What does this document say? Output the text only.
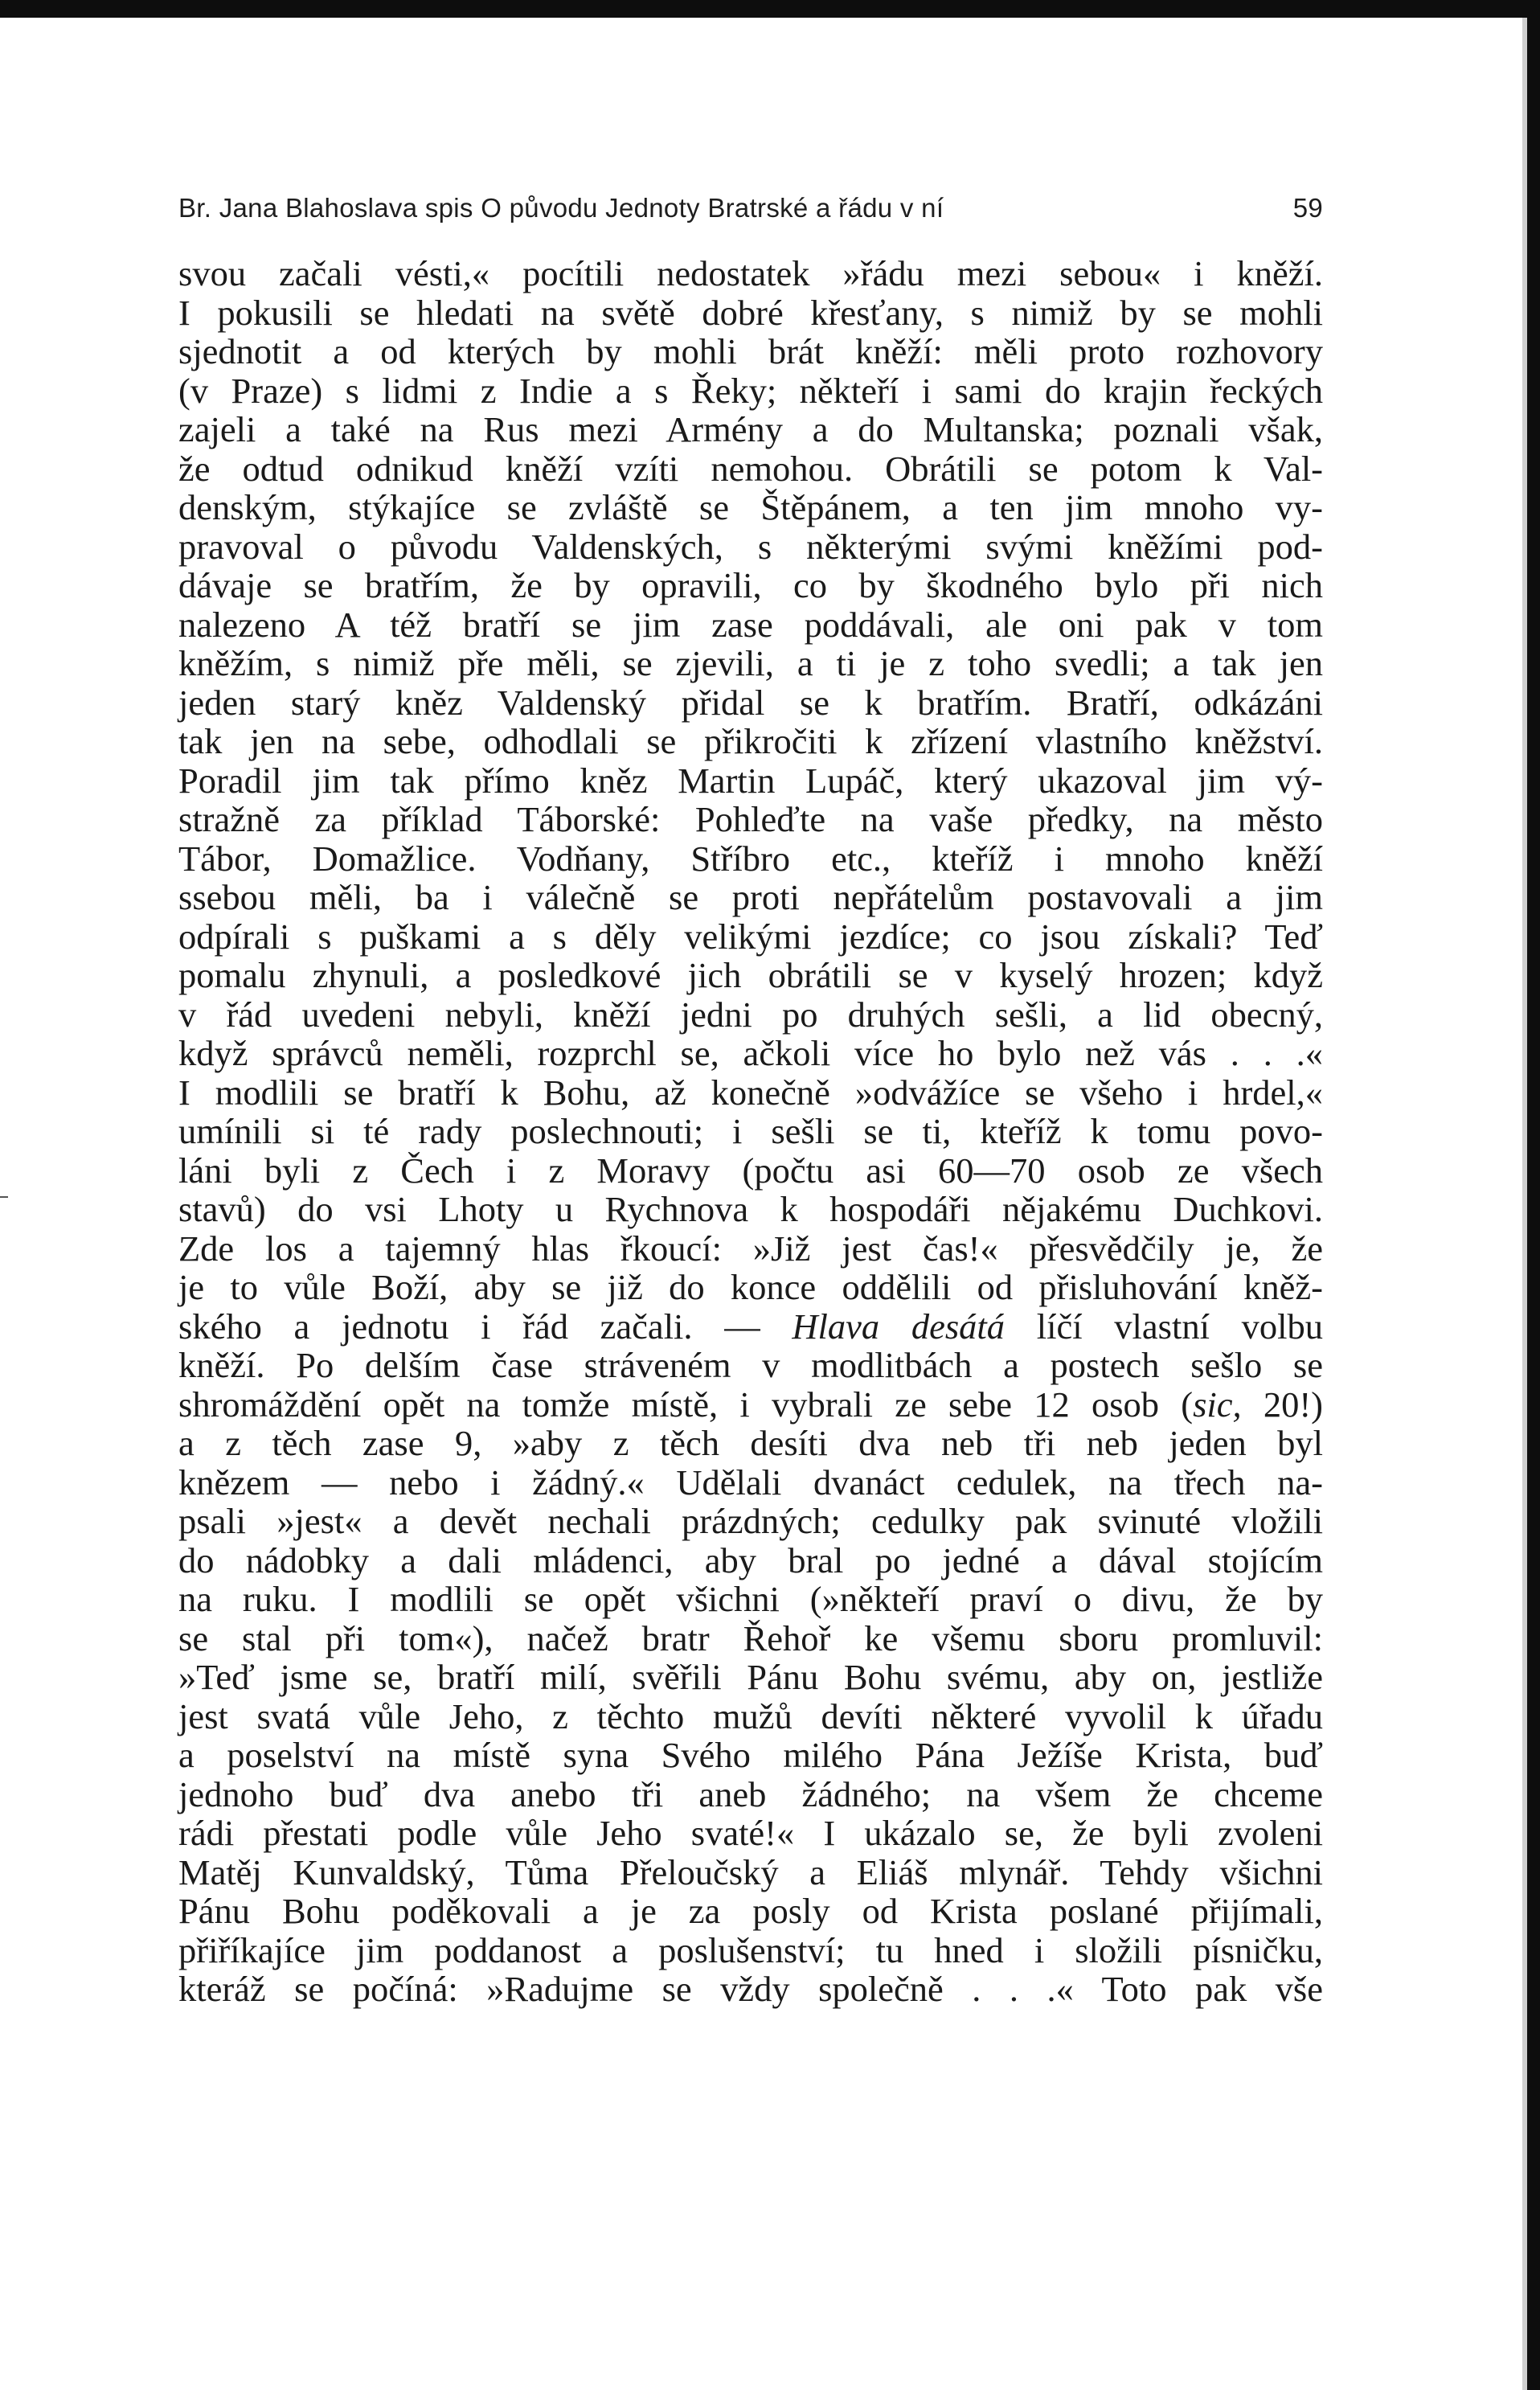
Br. Jana Blahoslava spis O původu Jednoty Bratrské a řádu v ní	59
svou začali vésti,« pocítili nedostatek »řádu mezi sebou« i kněží.
I pokusili se hledati na světě dobré křesťany, s nimiž by se mohli
sjednotit a od kterých by mohli brát kněží: měli proto rozhovory
(v Praze) s lidmi z Indie a s Řeky; někteří i sami do krajin řeckých
zajeli a také na Rus mezi Armény a do Multanska; poznali však,
že odtud odnikud kněží vzíti nemohou. Obrátili se potom k Val-
denským, stýkajíce se zvláště se Štěpánem, a ten jim mnoho vy-
pravoval o původu Valdenských, s některými svými kněžími pod-
dávaje se bratřím, že by opravili, co by škodného bylo při nich
nalezeno A též bratří se jim zase poddávali, ale oni pak v tom
kněžím, s nimiž pře měli, se zjevili, a ti je z toho svedli; a tak jen
jeden starý kněz Valdenský přidal se k bratřím. Bratří, odkázáni
tak jen na sebe, odhodlali se přikročiti k zřízení vlastního kněžství.
Poradil jim tak přímo kněz Martin Lupáč, který ukazoval jim vý-
stražně za příklad Táborské: Pohleďte na vaše předky, na město
Tábor, Domažlice. Vodňany, Stříbro etc., kteříž i mnoho kněží
ssebou měli, ba i válečně se proti nepřátelům postavovali a jim
odpírali s puškami a s děly velikými jezdíce; co jsou získali? Teď
pomalu zhynuli, a posledkové jich obrátili se v kyselý hrozen; když
v řád uvedeni nebyli, kněží jedni po druhých sešli, a lid obecný,
když správců neměli, rozprchl se, ačkoli více ho bylo než vás . . .«
I modlili se bratří k Bohu, až konečně »odvážíce se všeho i hrdel,«
umínili si té rady poslechnouti; i sešli se ti, kteříž k tomu povo-
láni byli z Čech i z Moravy (počtu asi 60—70 osob ze všech
stavů) do vsi Lhoty u Rychnova k hospodáři nějakému Duchkovi.
Zde los a tajemný hlas řkoucí: »Již jest čas!« přesvědčily je, že
je to vůle Boží, aby se již do konce oddělili od přisluhování kněž-
ského a jednotu i řád začali. — Hlava desátá líčí vlastní volbu
kněží. Po delším čase stráveném v modlitbách a postech sešlo se
shromáždění opět na tomže místě, i vybrali ze sebe 12 osob (sic, 20!)
a z těch zase 9, »aby z těch desíti dva neb tři neb jeden byl
knězem — nebo i žádný.« Udělali dvanáct cedulek, na třech na-
psali »jest« a devět nechali prázdných; cedulky pak svinuté vložili
do nádobky a dali mládenci, aby bral po jedné a dával stojícím
na ruku. I modlili se opět všichni (»někteří praví o divu, že by
se stal při tom«), načež bratr Řehoř ke všemu sboru promluvil:
»Teď jsme se, bratří milí, svěřili Pánu Bohu svému, aby on, jestliže
jest svatá vůle Jeho, z těchto mužů devíti některé vyvolil k úřadu
a poselství na místě syna Svého milého Pána Ježíše Krista, buď
jednoho buď dva anebo tři aneb žádného; na všem že chceme
rádi přestati podle vůle Jeho svaté!« I ukázalo se, že byli zvoleni
Matěj Kunvaldský, Tůma Přeloučský a Eliáš mlynář. Tehdy všichni
Pánu Bohu poděkovali a je za posly od Krista poslané přijímali,
přiříkajíce jim poddanost a poslušenství; tu hned i složili písničku,
kteráž se počíná: »Radujme se vždy společně . . .« Toto pak vše
